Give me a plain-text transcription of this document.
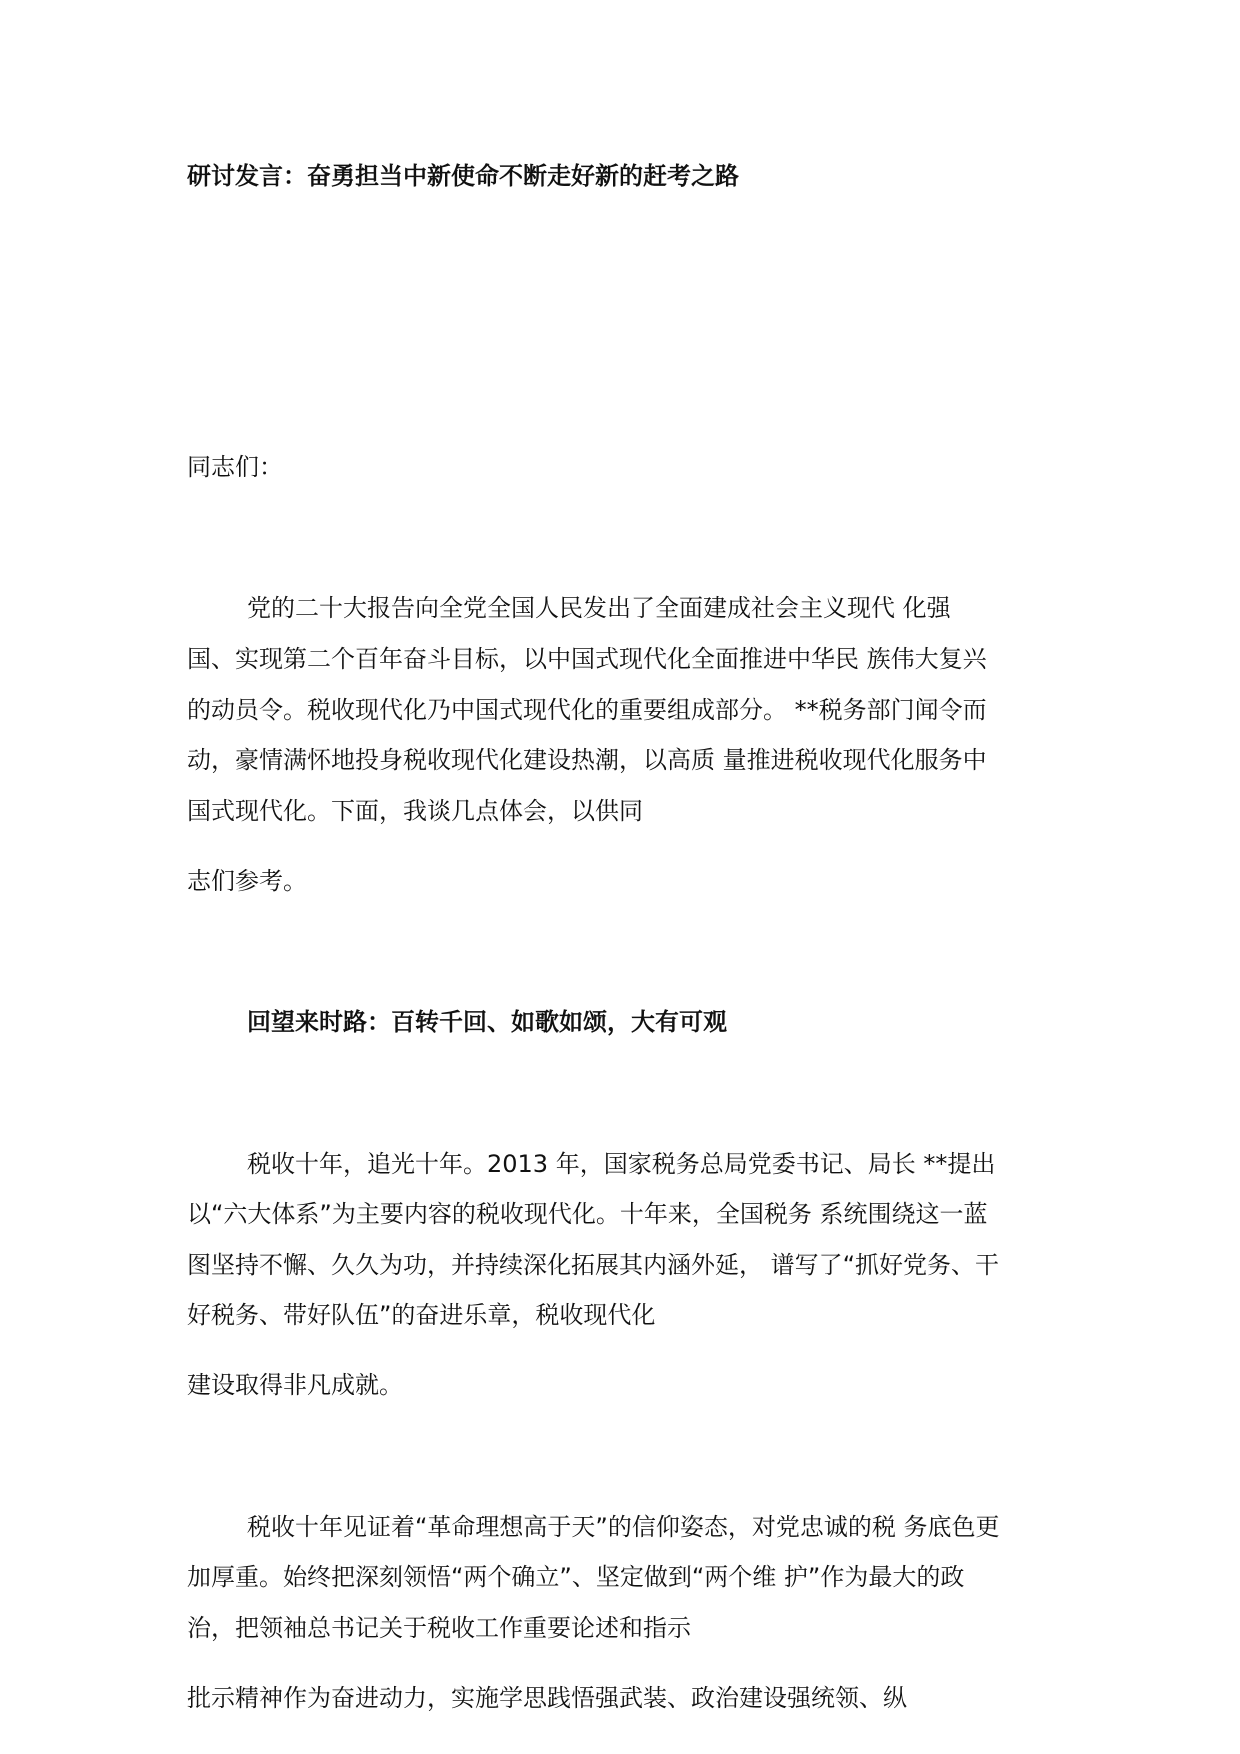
研讨发言：奋勇担当中新使命不断走好新的赶考之路
同志们：
党的二十大报告向全党全国人民发出了全面建成社会主义现代 化强
国、实现第二个百年奋斗目标，以中国式现代化全面推进中华民 族伟大复兴
的动员令。税收现代化乃中国式现代化的重要组成部分。 **税务部门闻令而
动，豪情满怀地投身税收现代化建设热潮，以高质 量推进税收现代化服务中
国式现代化。下面，我谈几点体会，以供同
志们参考。
回望来时路：百转千回、如歌如颂，大有可观
税收十年，追光十年。2013 年，国家税务总局党委书记、局长 **提出
以“六大体系”为主要内容的税收现代化。十年来，全国税务 系统围绕这一蓝
图坚持不懈、久久为功，并持续深化拓展其内涵外延， 谱写了“抓好党务、干
好税务、带好队伍”的奋进乐章，税收现代化
建设取得非凡成就。
税收十年见证着“革命理想高于天”的信仰姿态，对党忠诚的税 务底色更
加厚重。始终把深刻领悟“两个确立”、坚定做到“两个维 护”作为最大的政
治，把领袖总书记关于税收工作重要论述和指示
批示精神作为奋进动力，实施学思践悟强武装、政治建设强统领、纵
